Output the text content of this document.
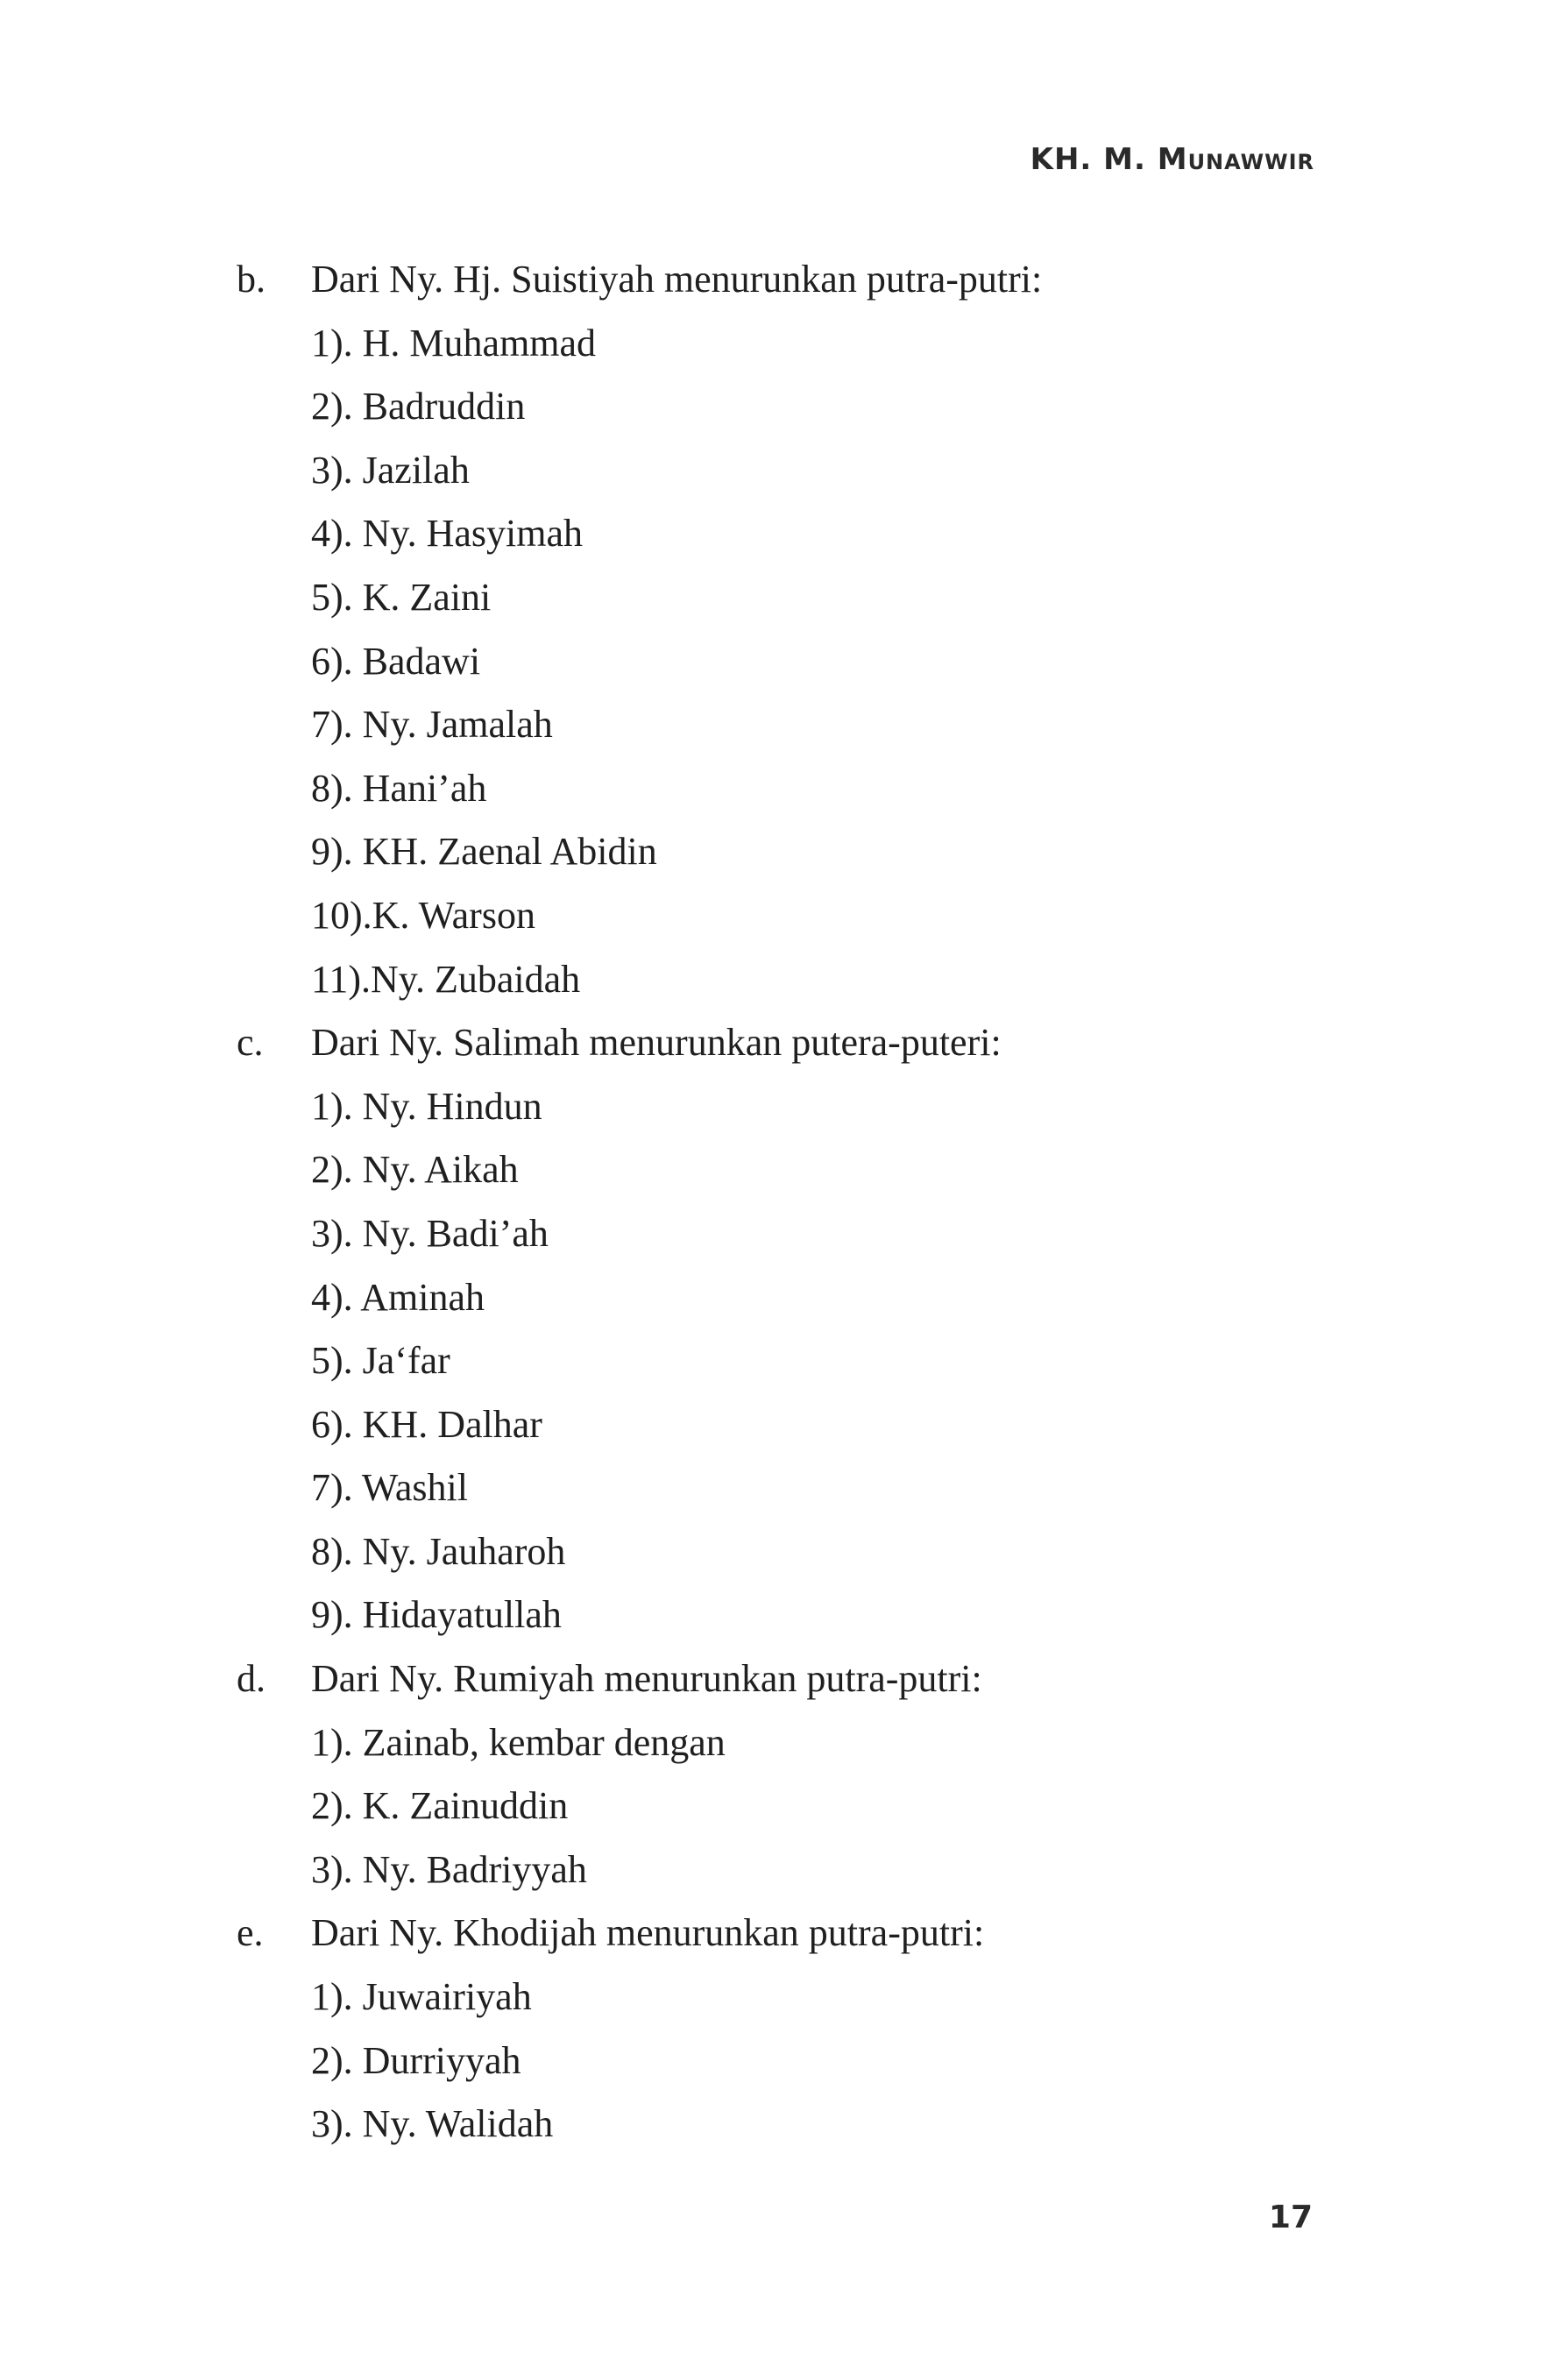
KH. M. Munawwir
b. Dari Ny. Hj. Suistiyah menurunkan putra-putri:
1). H. Muhammad
2). Badruddin
3). Jazilah
4). Ny. Hasyimah
5). K. Zaini
6). Badawi
7). Ny. Jamalah
8). Hani’ah
9). KH. Zaenal Abidin
10).K. Warson
11).Ny. Zubaidah
c. Dari Ny. Salimah menurunkan putera-puteri:
1). Ny. Hindun
2). Ny. Aikah
3). Ny. Badi’ah
4). Aminah
5). Ja‘far
6). KH. Dalhar
7). Washil
8). Ny. Jauharoh
9). Hidayatullah
d. Dari Ny. Rumiyah menurunkan putra-putri:
1). Zainab, kembar dengan
2). K. Zainuddin
3). Ny. Badriyyah
e. Dari Ny. Khodijah menurunkan putra-putri:
1). Juwairiyah
2). Durriyyah
3). Ny. Walidah
17
